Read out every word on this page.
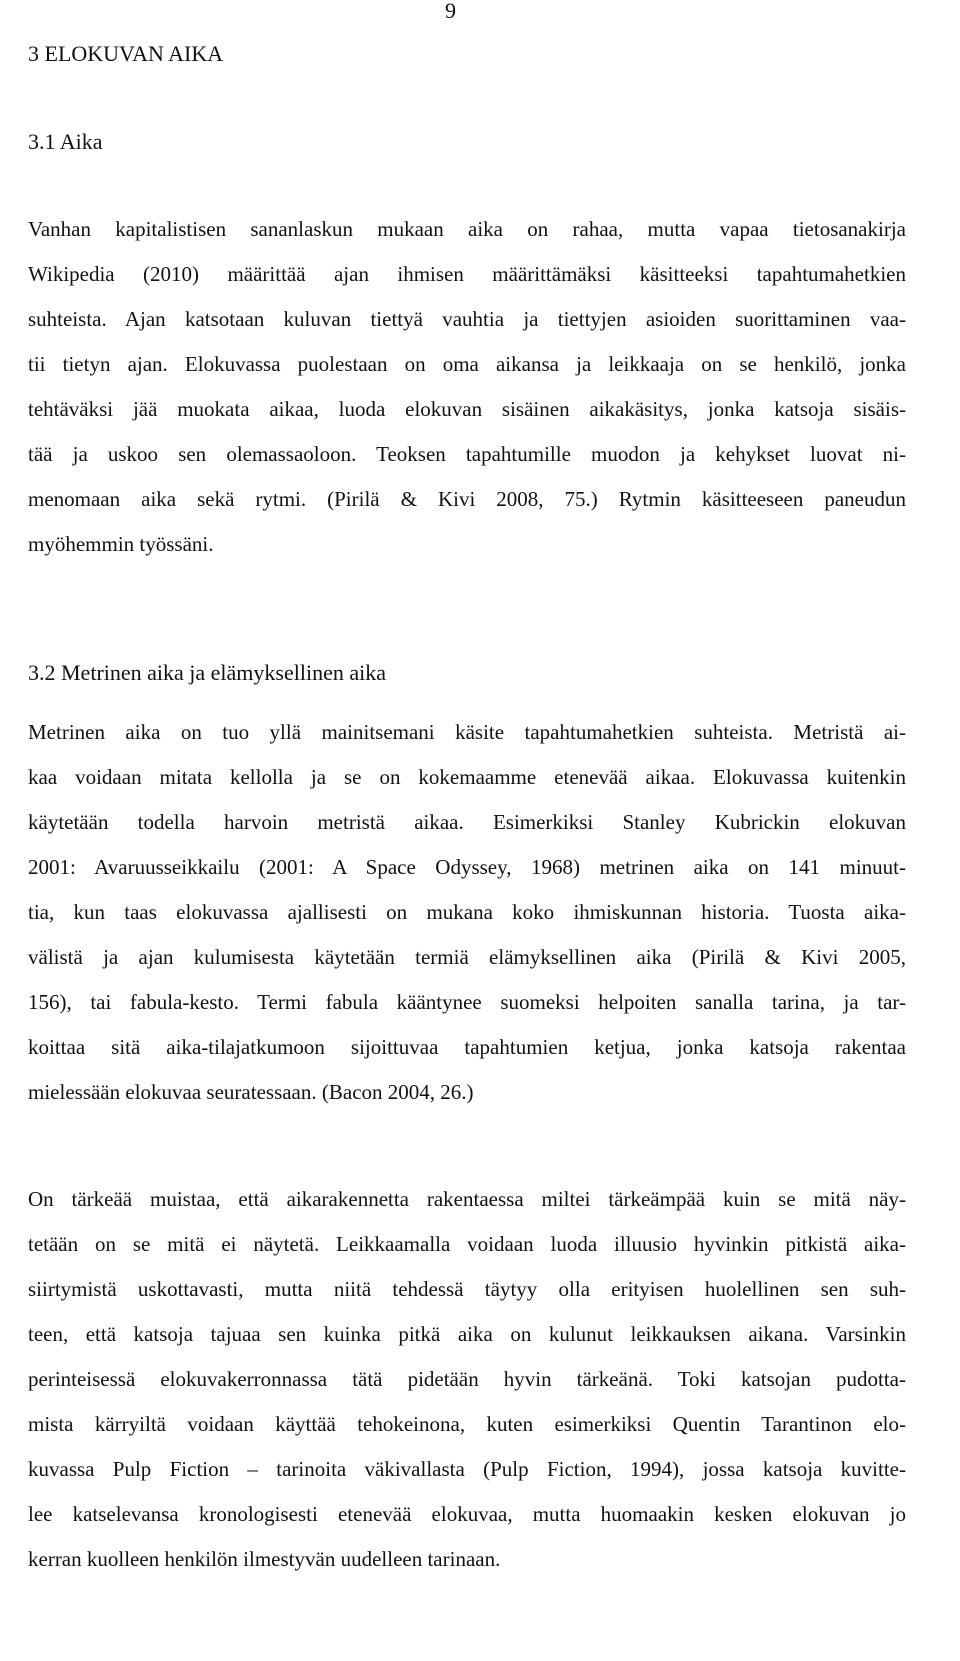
9
3 ELOKUVAN AIKA
3.1 Aika
Vanhan kapitalistisen sananlaskun mukaan aika on rahaa, mutta vapaa tietosanakirja
Wikipedia (2010) määrittää ajan ihmisen määrittämäksi käsitteeksi tapahtumahetkien
suhteista. Ajan katsotaan kuluvan tiettyä vauhtia ja tiettyjen asioiden suorittaminen vaa-
tii tietyn ajan. Elokuvassa puolestaan on oma aikansa ja leikkaaja on se henkilö, jonka
tehtäväksi jää muokata aikaa, luoda elokuvan sisäinen aikakäsitys, jonka katsoja sisäis-
tää ja uskoo sen olemassaoloon. Teoksen tapahtumille muodon ja kehykset luovat ni-
menomaan aika sekä rytmi. (Pirilä & Kivi 2008, 75.) Rytmin käsitteeseen paneudun
myöhemmin työssäni.
3.2 Metrinen aika ja elämyksellinen aika
Metrinen aika on tuo yllä mainitsemani käsite tapahtumahetkien suhteista. Metristä ai-
kaa voidaan mitata kellolla ja se on kokemaamme etenevää aikaa. Elokuvassa kuitenkin
käytetään todella harvoin metristä aikaa. Esimerkiksi Stanley Kubrickin elokuvan
2001: Avaruusseikkailu (2001: A Space Odyssey, 1968) metrinen aika on 141 minuut-
tia, kun taas elokuvassa ajallisesti on mukana koko ihmiskunnan historia. Tuosta aika-
välistä ja ajan kulumisesta käytetään termiä elämyksellinen aika (Pirilä & Kivi 2005,
156), tai fabula-kesto. Termi fabula kääntynee suomeksi helpoiten sanalla tarina, ja tar-
koittaa sitä aika-tilajatkumoon sijoittuvaa tapahtumien ketjua, jonka katsoja rakentaa
mielessään elokuvaa seuratessaan. (Bacon 2004, 26.)
On tärkeää muistaa, että aikarakennetta rakentaessa miltei tärkeämpää kuin se mitä näy-
tetään on se mitä ei näytetä. Leikkaamalla voidaan luoda illuusio hyvinkin pitkistä aika-
siirtymistä uskottavasti, mutta niitä tehdessä täytyy olla erityisen huolellinen sen suh-
teen, että katsoja tajuaa sen kuinka pitkä aika on kulunut leikkauksen aikana. Varsinkin
perinteisessä elokuvakerronnassa tätä pidetään hyvin tärkeänä. Toki katsojan pudotta-
mista kärryiltä voidaan käyttää tehokeinona, kuten esimerkiksi Quentin Tarantinon elo-
kuvassa Pulp Fiction – tarinoita väkivallasta (Pulp Fiction, 1994), jossa katsoja kuvitte-
lee katselevansa kronologisesti etenevää elokuvaa, mutta huomaakin kesken elokuvan jo
kerran kuolleen henkilön ilmestyvän uudelleen tarinaan.
